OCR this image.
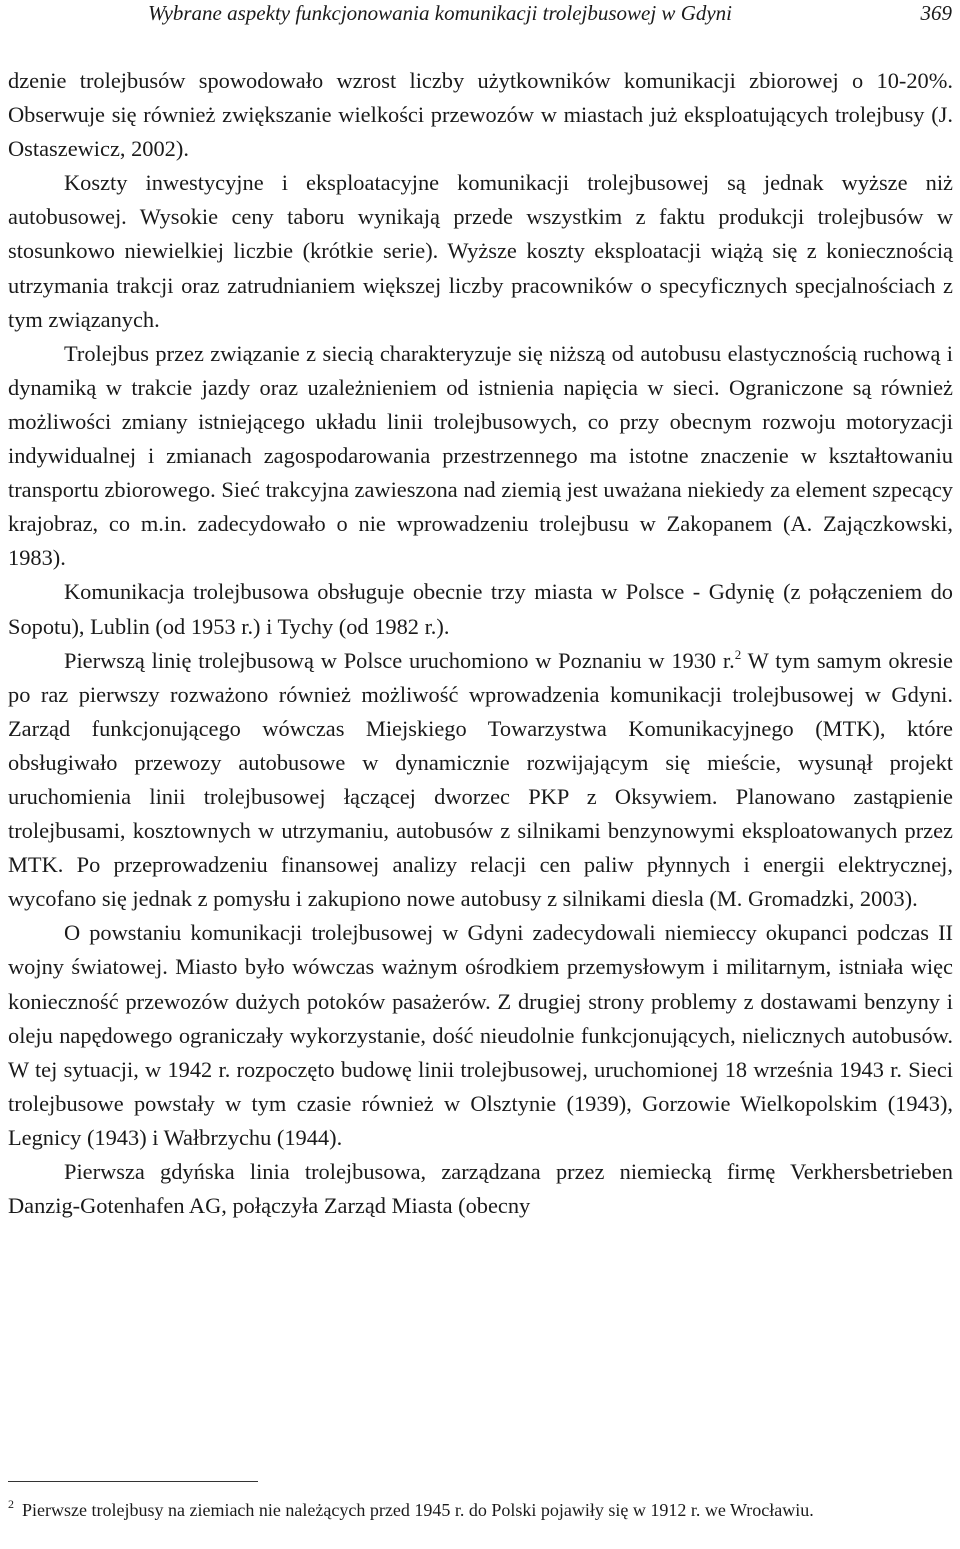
Wybrane aspekty funkcjonowania komunikacji trolejbusowej w Gdyni	369

dzenie trolejbusów spowodowało wzrost liczby użytkowników komunikacji zbiorowej o 10-20%. Obserwuje się również zwiększanie wielkości przewozów w miastach już eksploatujących trolejbusy (J. Ostaszewicz, 2002).

Koszty inwestycyjne i eksploatacyjne komunikacji trolejbusowej są jednak wyższe niż autobusowej. Wysokie ceny taboru wynikają przede wszystkim z faktu produkcji trolejbusów w stosunkowo niewielkiej liczbie (krótkie serie). Wyższe koszty eksploatacji wiążą się z koniecznością utrzymania trakcji oraz zatrudnianiem większej liczby pracowników o specyficznych specjalnościach z tym związanych.

Trolejbus przez związanie z siecią charakteryzuje się niższą od autobusu elastycznością ruchową i dynamiką w trakcie jazdy oraz uzależnieniem od istnienia napięcia w sieci. Ograniczone są również możliwości zmiany istniejącego układu linii trolejbusowych, co przy obecnym rozwoju motoryzacji indywidualnej i zmianach zagospodarowania przestrzennego ma istotne znaczenie w kształtowaniu transportu zbiorowego. Sieć trakcyjna zawieszona nad ziemią jest uważana niekiedy za element szpecący krajobraz, co m.in. zadecydowało o nie wprowadzeniu trolejbusu w Zakopanem (A. Zajączkowski, 1983).

Komunikacja trolejbusowa obsługuje obecnie trzy miasta w Polsce - Gdynię (z połączeniem do Sopotu), Lublin (od 1953 r.) i Tychy (od 1982 r.).

Pierwszą linię trolejbusową w Polsce uruchomiono w Poznaniu w 1930 r.$^2$ W tym samym okresie po raz pierwszy rozważono również możliwość wprowadzenia komunikacji trolejbusowej w Gdyni. Zarząd funkcjonującego wówczas Miejskiego Towarzystwa Komunikacyjnego (MTK), które obsługiwało przewozy autobusowe w dynamicznie rozwijającym się mieście, wysunął projekt uruchomienia linii trolejbusowej łączącej dworzec PKP z Oksywiem. Planowano zastąpienie trolejbusami, kosztownych w utrzymaniu, autobusów z silnikami benzynowymi eksploatowanych przez MTK. Po przeprowadzeniu finansowej analizy relacji cen paliw płynnych i energii elektrycznej, wycofano się jednak z pomysłu i zakupiono nowe autobusy z silnikami diesla (M. Gromadzki, 2003).

O powstaniu komunikacji trolejbusowej w Gdyni zadecydowali niemieccy okupanci podczas II wojny światowej. Miasto było wówczas ważnym ośrodkiem przemysłowym i militarnym, istniała więc konieczność przewozów dużych potoków pasażerów. Z drugiej strony problemy z dostawami benzyny i oleju napędowego ograniczały wykorzystanie, dość nieudolnie funkcjonujących, nielicznych autobusów. W tej sytuacji, w 1942 r. rozpoczęto budowę linii trolejbusowej, uruchomionej 18 września 1943 r. Sieci trolejbusowe powstały w tym czasie również w Olsztynie (1939), Gorzowie Wielkopolskim (1943), Legnicy (1943) i Wałbrzychu (1944).

Pierwsza gdyńska linia trolejbusowa, zarządzana przez niemiecką firmę Verkhersbetrieben Danzig-Gotenhafen AG, połączyła Zarząd Miasta (obecny

$^2$ Pierwsze trolejbusy na ziemiach nie należących przed 1945 r. do Polski pojawiły się w 1912 r. we Wrocławiu.
